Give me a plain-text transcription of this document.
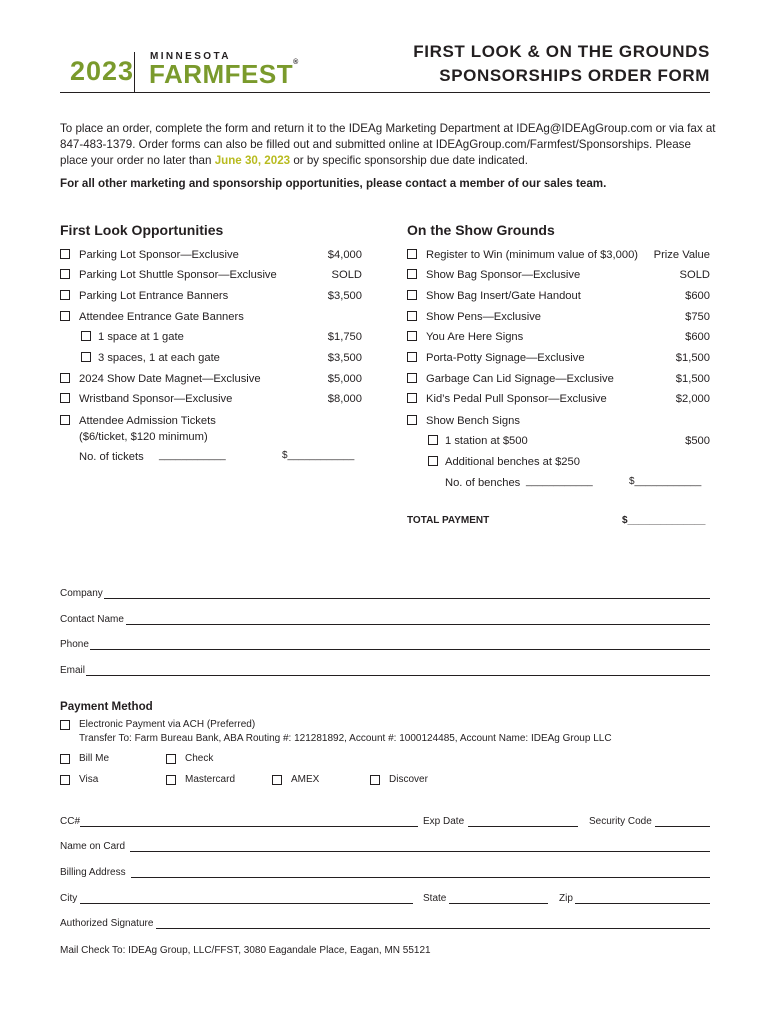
2023 MINNESOTA
FARMFEST®
FIRST LOOK & ON THE GROUNDS
SPONSORSHIPS ORDER FORM
To place an order, complete the form and return it to the IDEAg Marketing Department at IDEAg@IDEAgGroup.com or via fax at 847-483-1379. Order forms can also be filled out and submitted online at IDEAgGroup.com/Farmfest/Sponsorships. Please place your order no later than June 30, 2023 or by specific sponsorship due date indicated.
For all other marketing and sponsorship opportunities, please contact a member of our sales team.
First Look Opportunities
Parking Lot Sponsor—Exclusive	$4,000
Parking Lot Shuttle Sponsor—Exclusive	SOLD
Parking Lot Entrance Banners	$3,500
Attendee Entrance Gate Banners
1 space at 1 gate	$1,750
3 spaces, 1 at each gate	$3,500
2024 Show Date Magnet—Exclusive	$5,000
Wristband Sponsor—Exclusive	$8,000
Attendee Admission Tickets
($6/ticket, $120 minimum)
No. of tickets ____________	$____________
On the Show Grounds
Register to Win (minimum value of $3,000) Prize Value
Show Bag Sponsor—Exclusive	SOLD
Show Bag Insert/Gate Handout	$600
Show Pens—Exclusive	$750
You Are Here Signs	$600
Porta-Potty Signage—Exclusive	$1,500
Garbage Can Lid Signage—Exclusive	$1,500
Kid’s Pedal Pull Sponsor—Exclusive	$2,000
Show Bench Signs
1 station at $500	$500
Additional benches at $250
No. of benches ____________	$____________
TOTAL PAYMENT	$______________
Company
Contact Name
Phone
Email
Payment Method
Electronic Payment via ACH (Preferred)
Transfer To: Farm Bureau Bank, ABA Routing #: 121281892, Account #: 1000124485, Account Name: IDEAg Group LLC
Bill Me	Check
Visa	Mastercard	AMEX	Discover
CC#	Exp Date	Security Code
Name on Card
Billing Address
City	State	Zip
Authorized Signature
Mail Check To: IDEAg Group, LLC/FFST, 3080 Eagandale Place, Eagan, MN 55121
